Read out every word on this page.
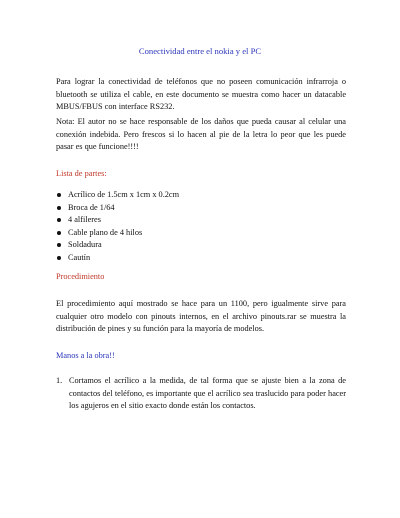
Conectividad entre el nokia y el PC

Para lograr la conectividad de teléfonos que no poseen comunicación infrarroja o bluetooth se utiliza el cable, en este documento se muestra como hacer un datacable MBUS/FBUS con interface RS232.

Nota: El autor no se hace responsable de los daños que pueda causar al celular una conexión indebida. Pero frescos si lo hacen al pie de la letra lo peor que les puede pasar es que funcione!!!!

Lista de partes:

Acrílico de 1.5cm x 1cm x 0.2cm
Broca de 1/64
4 alfileres
Cable plano de 4 hilos
Soldadura
Cautín

Procedimiento

El procedimiento aquí mostrado se hace para un 1100, pero igualmente sirve para cualquier otro modelo con pinouts internos, en el archivo pinouts.rar se muestra la distribución de pines y su función para la mayoría de modelos.

Manos a la obra!!

1. Cortamos el acrílico a la medida, de tal forma que se ajuste bien a la zona de contactos del teléfono, es importante que el acrílico sea traslucido para poder hacer los agujeros en el sitio exacto donde están los contactos.
